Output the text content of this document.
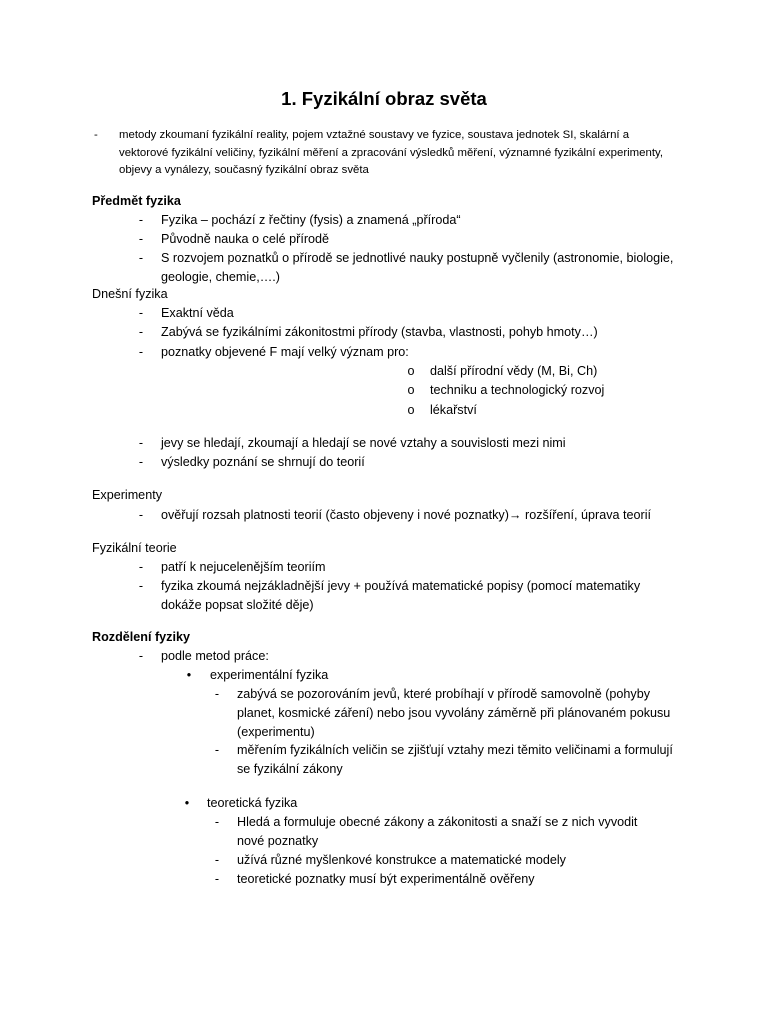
1. Fyzikální obraz světa
- metody zkoumaní fyzikální reality, pojem vztažné soustavy ve fyzice, soustava jednotek SI, skalární a vektorové fyzikální veličiny, fyzikální měření a zpracování výsledků měření, významné fyzikální experimenty, objevy a vynálezy, současný fyzikální obraz světa
Předmět fyzika
-	Fyzika – pochází z řečtiny (fysis) a znamená „příroda“
-	Původně nauka o celé přírodě
-	S rozvojem poznatků o přírodě se jednotlivé nauky postupně vyčlenily (astronomie, biologie, geologie, chemie,….)
Dnešní fyzika
-	Exaktní věda
-	Zabývá se fyzikálními zákonitostmi přírody (stavba, vlastnosti, pohyb hmoty…)
-	poznatky objevené F mají velký význam pro:
o další přírodní vědy (M, Bi, Ch)
o techniku a technologický rozvoj
o lékařství
-	jevy se hledají, zkoumají a hledají se nové vztahy a souvislosti mezi nimi
-	výsledky poznání se shrnují do teorií
Experimenty
-	ověřují rozsah platnosti teorií (často objeveny i nové poznatky)→ rozšíření, úprava teorií
Fyzikální teorie
-	patří k nejucelenějším teoriím
-	fyzika zkoumá nejzákladnější jevy + používá matematické popisy (pomocí matematiky dokáže popsat složité děje)
Rozdělení fyziky
-	podle metod práce:
•	experimentální fyzika
-	zabývá se pozorováním jevů, které probíhají v přírodě samovolně (pohyby planet, kosmické záření) nebo jsou vyvolány záměrně při plánovaném pokusu (experimentu)
-	měřením fyzikálních veličin se zjišťují vztahy mezi těmito veličinami a formulují se fyzikální zákony
•	teoretická fyzika
-	Hledá a formuluje obecné zákony a zákonitosti a snaží se z nich vyvodit nové poznatky
-	užívá různé myšlenkové konstrukce a matematické modely
-	teoretické poznatky musí být experimentálně ověřeny
